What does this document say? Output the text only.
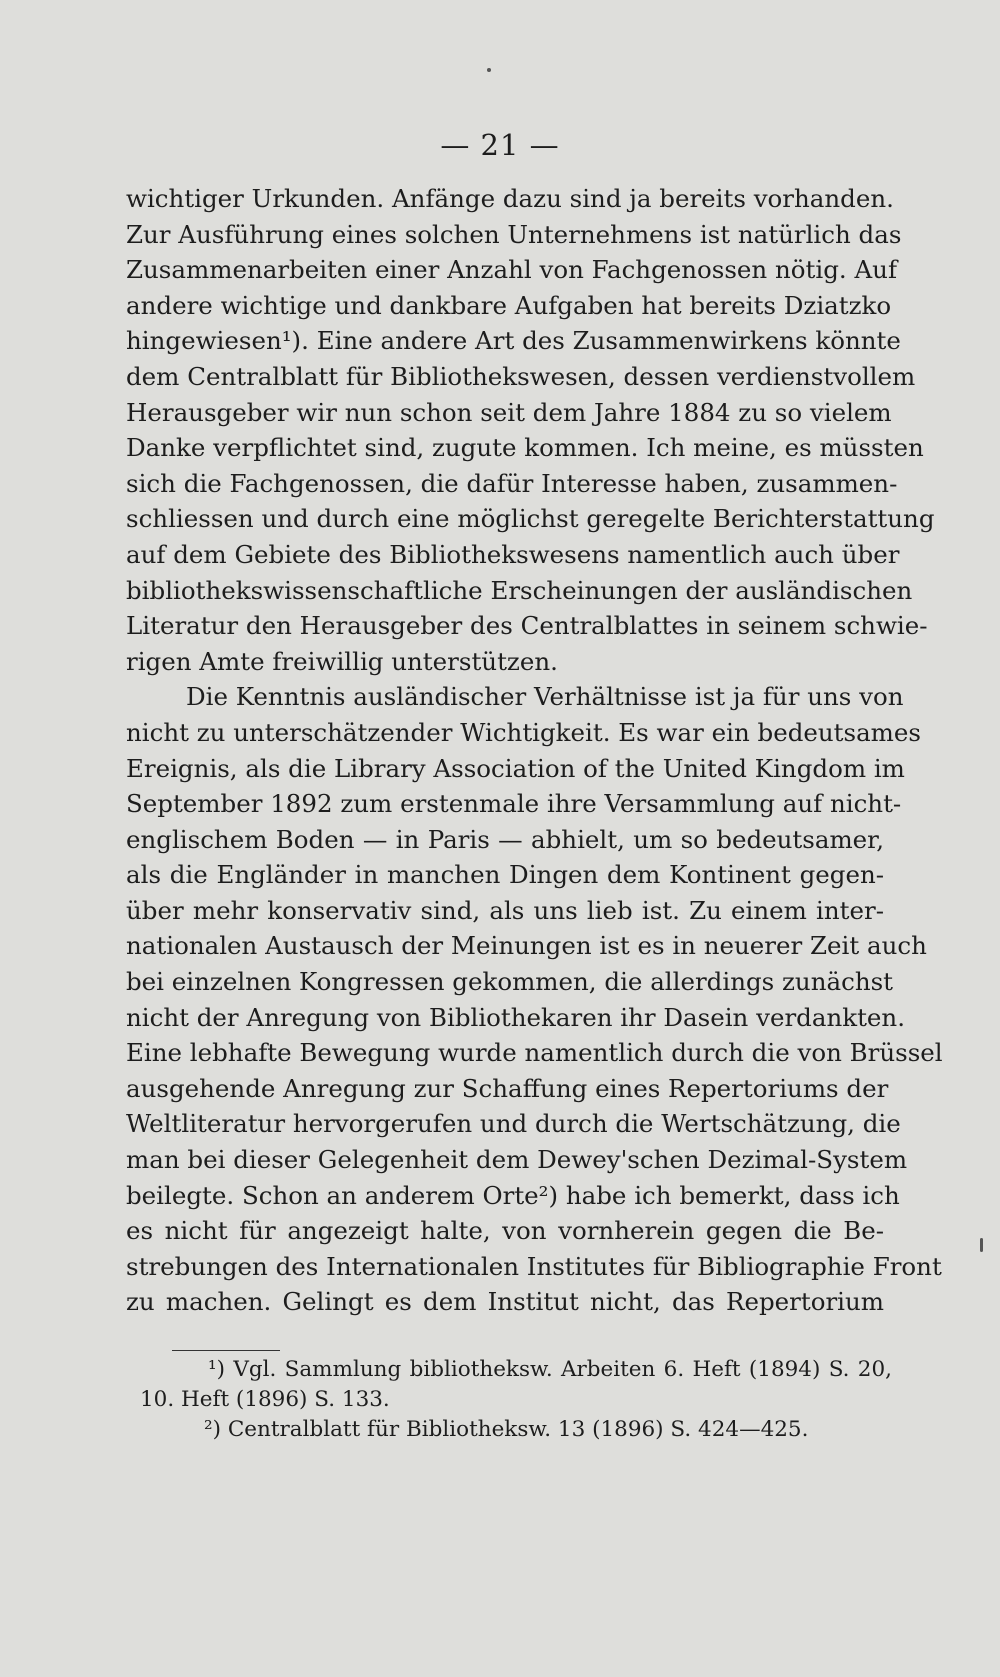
— 21 —
wichtiger Urkunden. Anfänge dazu sind ja bereits vorhanden.
Zur Ausführung eines solchen Unternehmens ist natürlich das
Zusammenarbeiten einer Anzahl von Fachgenossen nötig. Auf
andere wichtige und dankbare Aufgaben hat bereits Dziatzko
hingewiesen¹). Eine andere Art des Zusammenwirkens könnte
dem Centralblatt für Bibliothekswesen, dessen verdienstvollem
Herausgeber wir nun schon seit dem Jahre 1884 zu so vielem
Danke verpflichtet sind, zugute kommen. Ich meine, es müssten
sich die Fachgenossen, die dafür Interesse haben, zusammen-
schliessen und durch eine möglichst geregelte Berichterstattung
auf dem Gebiete des Bibliothekswesens namentlich auch über
bibliothekswissenschaftliche Erscheinungen der ausländischen
Literatur den Herausgeber des Centralblattes in seinem schwie-
rigen Amte freiwillig unterstützen.
Die Kenntnis ausländischer Verhältnisse ist ja für uns von
nicht zu unterschätzender Wichtigkeit. Es war ein bedeutsames
Ereignis, als die Library Association of the United Kingdom im
September 1892 zum erstenmale ihre Versammlung auf nicht-
englischem Boden — in Paris — abhielt, um so bedeutsamer,
als die Engländer in manchen Dingen dem Kontinent gegen-
über mehr konservativ sind, als uns lieb ist. Zu einem inter-
nationalen Austausch der Meinungen ist es in neuerer Zeit auch
bei einzelnen Kongressen gekommen, die allerdings zunächst
nicht der Anregung von Bibliothekaren ihr Dasein verdankten.
Eine lebhafte Bewegung wurde namentlich durch die von Brüssel
ausgehende Anregung zur Schaffung eines Repertoriums der
Weltliteratur hervorgerufen und durch die Wertschätzung, die
man bei dieser Gelegenheit dem Dewey'schen Dezimal-System
beilegte. Schon an anderem Orte²) habe ich bemerkt, dass ich
es nicht für angezeigt halte, von vornherein gegen die Be-
strebungen des Internationalen Institutes für Bibliographie Front
zu machen. Gelingt es dem Institut nicht, das Repertorium
¹) Vgl. Sammlung bibliotheksw. Arbeiten 6. Heft (1894) S. 20,
10. Heft (1896) S. 133.
²) Centralblatt für Bibliotheksw. 13 (1896) S. 424—425.
